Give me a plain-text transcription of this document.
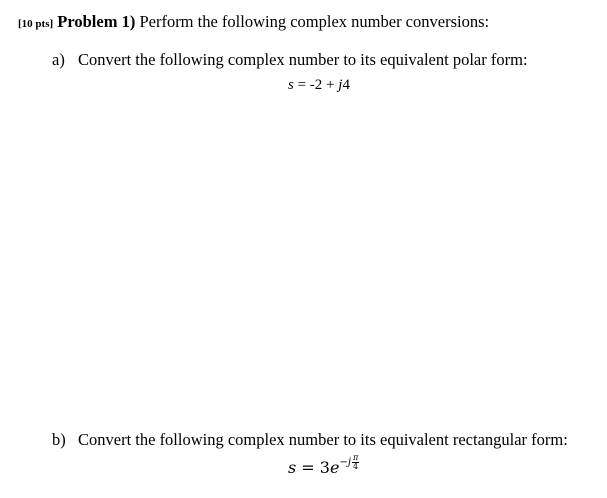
[10 pts] Problem 1) Perform the following complex number conversions:
a) Convert the following complex number to its equivalent polar form:
s = -2 + j4
b) Convert the following complex number to its equivalent rectangular form:
$s = 3e-j \frac{\pi}{4}$
